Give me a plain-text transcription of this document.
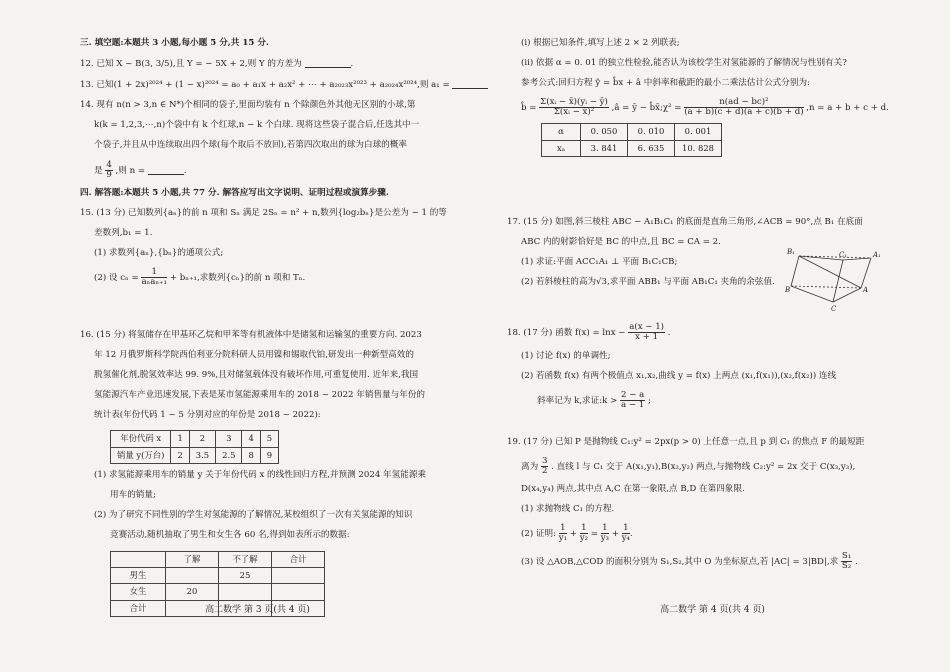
三. 填空题:本题共 3 小题,每小题 5 分,共 15 分.
12. 已知 X ~ B(3, 3/5),且 Y = − 5X + 2,则 Y 的方差为	.
13. 已知(1 + 2x)²⁰²⁴ + (1 − x)²⁰²⁴ = a₀ + a₁x + a₂x² + ⋯ + a₂₀₂₃x²⁰²³ + a₂₀₂₄x²⁰²⁴,则 a₁ =
14. 现有 n(n > 3,n ∈ N*)个相同的袋子,里面均装有 n 个除颜色外其他无区别的小球,第
k(k = 1,2,3,⋯,n)个袋中有 k 个红球,n − k 个白球. 现将这些袋子混合后,任选其中一
个袋子,并且从中连续取出四个球(每个取后不放回),若第四次取出的球为白球的概率
是 $\frac{4}{9}$ ,则 n =	.
四. 解答题:本题共 5 小题,共 77 分. 解答应写出文字说明、证明过程或演算步骤.
15. (13 分) 已知数列{aₙ}的前 n 项和 Sₙ 满足 2Sₙ = n² + n,数列{log₂bₙ}是公差为 − 1 的等
差数列,b₁ = 1.
(1) 求数列{aₙ},{bₙ}的通项公式;
(2) 设 $c_n = \frac{1}{\text{aₙaₙ₊₁}} + b_{n+1}$,求数列{cₙ}的前 n 项和 Tₙ.
16. (15 分) 将氢储存在甲基环乙烷和甲苯等有机液体中是储氢和运输氢的重要方向. 2023
年 12 月俄罗斯科学院西伯利亚分院科研人员用镍和锡取代铂,研发出一种新型高效的
脱氢催化剂,脱氢效率达 99. 9%,且对储氢载体没有破坏作用,可重复使用. 近年来,我国
氢能源汽车产业迅速发展,下表是某市氢能源乘用车的 2018 ~ 2022 年销售量与年份的
统计表(年份代码 1 ~ 5 分别对应的年份是 2018 ~ 2022):
年份代码 x	1	2	3	4	5
销量 y(万台)	2	3.5	2.5	8	9
(1) 求氢能源乘用车的销量 y 关于年份代码 x 的线性回归方程,并预测 2024 年氢能源乘
用车的销量;
(2) 为了研究不同性别的学生对氢能源的了解情况,某校组织了一次有关氢能源的知识
竞赛活动,随机抽取了男生和女生各 60 名,得到如表所示的数据:
	了解	不了解	合计
男生		25	
女生	20		
合计				高二数学 第 3 页(共 4 页)
(ⅰ) 根据已知条件,填写上述 2 × 2 列联表;
(ⅱ) 依据 α = 0. 01 的独立性检验,能否认为该校学生对氢能源的了解情况与性别有关?
参考公式:回归方程 ŷ = b̂x + â 中斜率和截距的最小二乘法估计公式分别为:
b̂ = $\frac{\text{Σ(xᵢ − x̄)(yᵢ − ȳ)}}{\text{Σ(xᵢ − x̄)²}}$ ,â = ȳ − b̂x̄;χ² = $\frac{\text{n(ad − bc)²}}{(a + b)(c + d)(a + c)(b + d)} ,n = a + b + c + d$.
α	0. 050	0. 010	0. 001
xₐ	3. 841	6. 635	10. 828
17. (15 分) 如图,斜三棱柱 ABC − A₁B₁C₁ 的底面是直角三角形,∠ACB = 90°,点 B₁ 在底面
ABC 内的射影恰好是 BC 的中点,且 BC = CA = 2.
(1) 求证:平面 ACC₁A₁ ⊥ 平面 B₁C₁CB;
(2) 若斜棱柱的高为√3,求平面 ABB₁ 与平面 AB₁C₁ 夹角的余弦值.
B₁	C₁	A₁
B	A
C
18. (17 分) 函数 $f(x) = \ln x - \frac{a(x - 1)}{x + 1}$ .
(1) 讨论 f(x) 的单调性;
(2) 若函数 f(x) 有两个极值点 x₁,x₂,曲线 y = f(x) 上两点 (x₁,f(x₁)),(x₂,f(x₂)) 连线
斜率记为 k,求证:k > $\frac{2 - a}{a - 1}$ ;
19. (17 分) 已知 P 是抛物线 C₁:y² = 2px(p > 0) 上任意一点,且 p 到 C₁ 的焦点 F 的最短距
离为 $\frac{3}{2}$ . 直线 l 与 C₁ 交于 A(x₁,y₁),B(x₂,y₂) 两点,与抛物线 C₂:y² = 2x 交于 C(x₃,y₃),
D(x₄,y₄) 两点,其中点 A,C 在第一象限,点 B,D 在第四象限.
(1) 求抛物线 C₁ 的方程.
(2) 证明: $\frac{1}{\text{y₁}} + \frac{1}{\text{y₂}} = \frac{1}{\text{y₃}} + \frac{1}{\text{y₄}}$ .
(3) 设 △AOB,△COD 的面积分别为 S₁,S₂,其中 O 为坐标原点,若 |AC| = 3|BD|,求 $\frac{\text{S₁}}{\text{S₂}}$ .
高二数学 第 4 页(共 4 页)
